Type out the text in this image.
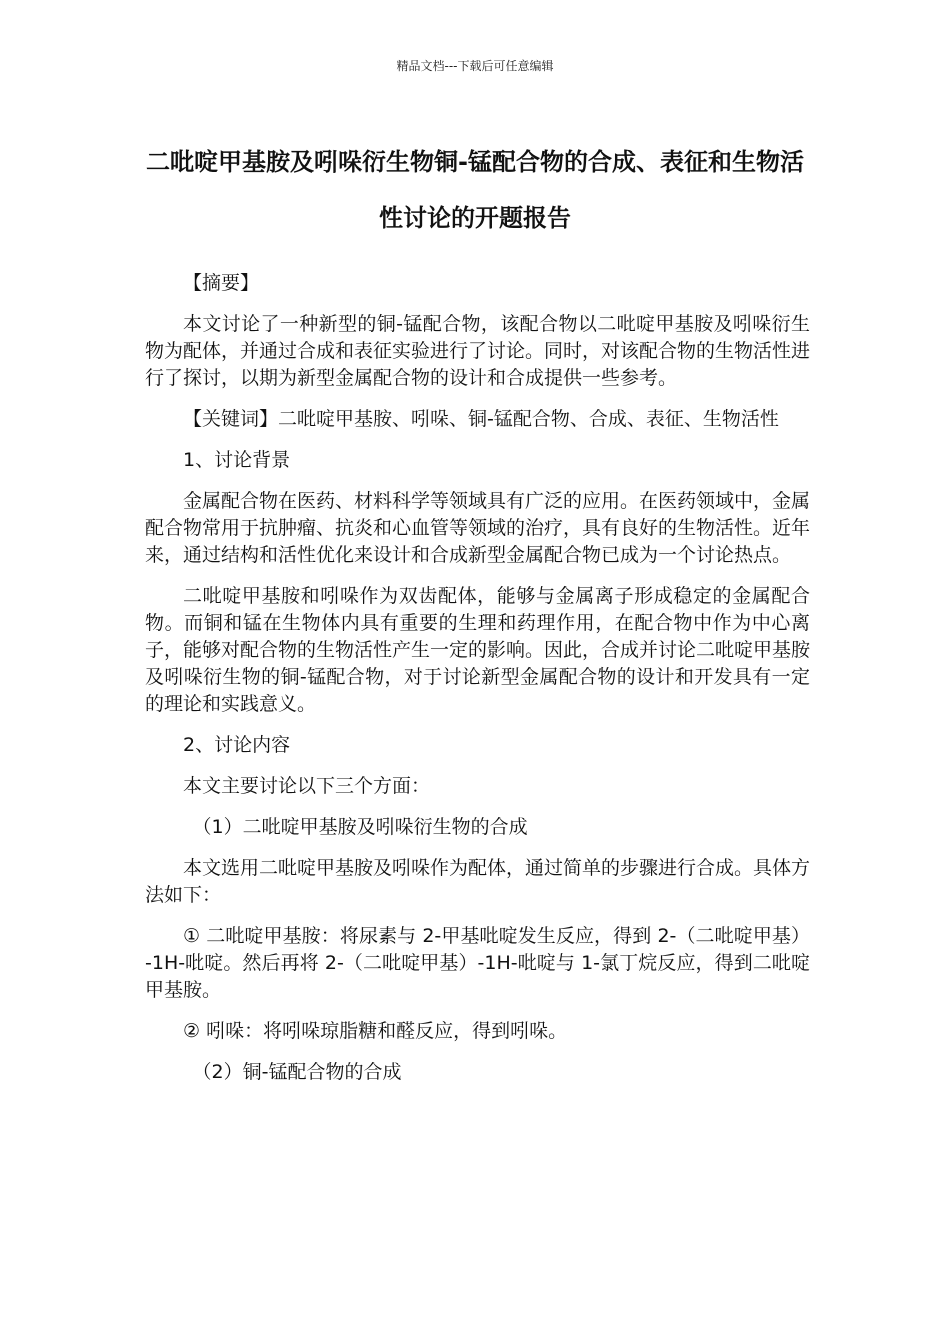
精品文档---下载后可任意编辑
二吡啶甲基胺及吲哚衍生物铜-锰配合物的合成、表征和生物活性讨论的开题报告

【摘要】

本文讨论了一种新型的铜-锰配合物，该配合物以二吡啶甲基胺及吲哚衍生物为配体，并通过合成和表征实验进行了讨论。同时，对该配合物的生物活性进行了探讨，以期为新型金属配合物的设计和合成提供一些参考。

【关键词】二吡啶甲基胺、吲哚、铜-锰配合物、合成、表征、生物活性

1、讨论背景

金属配合物在医药、材料科学等领域具有广泛的应用。在医药领域中，金属配合物常用于抗肿瘤、抗炎和心血管等领域的治疗，具有良好的生物活性。近年来，通过结构和活性优化来设计和合成新型金属配合物已成为一个讨论热点。

二吡啶甲基胺和吲哚作为双齿配体，能够与金属离子形成稳定的金属配合物。而铜和锰在生物体内具有重要的生理和药理作用，在配合物中作为中心离子，能够对配合物的生物活性产生一定的影响。因此，合成并讨论二吡啶甲基胺及吲哚衍生物的铜-锰配合物，对于讨论新型金属配合物的设计和开发具有一定的理论和实践意义。

2、讨论内容

本文主要讨论以下三个方面：

（1）二吡啶甲基胺及吲哚衍生物的合成

本文选用二吡啶甲基胺及吲哚作为配体，通过简单的步骤进行合成。具体方法如下：

① 二吡啶甲基胺：将尿素与 2-甲基吡啶发生反应，得到 2-（二吡啶甲基）-1H-吡啶。然后再将 2-（二吡啶甲基）-1H-吡啶与 1-氯丁烷反应，得到二吡啶甲基胺。

② 吲哚：将吲哚琼脂糖和醛反应，得到吲哚。

（2）铜-锰配合物的合成
